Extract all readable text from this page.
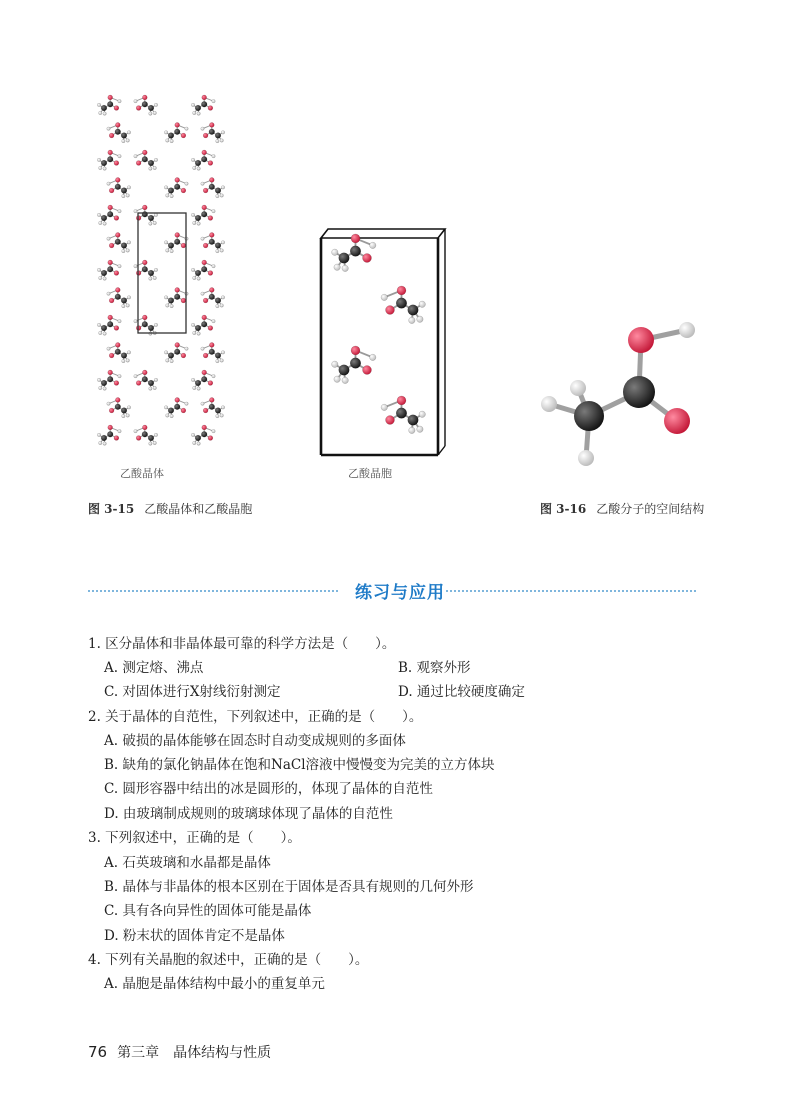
乙酸晶体	乙酸晶胞
图 3-15 乙酸晶体和乙酸晶胞	图 3-16 乙酸分子的空间结构
练习与应用
1. 区分晶体和非晶体最可靠的科学方法是（　　）。
A. 测定熔、沸点	B. 观察外形
C. 对固体进行X射线衍射测定	D. 通过比较硬度确定
2. 关于晶体的自范性，下列叙述中，正确的是（　　）。
A. 破损的晶体能够在固态时自动变成规则的多面体
B. 缺角的氯化钠晶体在饱和NaCl溶液中慢慢变为完美的立方体块
C. 圆形容器中结出的冰是圆形的，体现了晶体的自范性
D. 由玻璃制成规则的玻璃球体现了晶体的自范性
3. 下列叙述中，正确的是（　　）。
A. 石英玻璃和水晶都是晶体
B. 晶体与非晶体的根本区别在于固体是否具有规则的几何外形
C. 具有各向异性的固体可能是晶体
D. 粉末状的固体肯定不是晶体
4. 下列有关晶胞的叙述中，正确的是（　　）。
A. 晶胞是晶体结构中最小的重复单元
76 第三章 晶体结构与性质
